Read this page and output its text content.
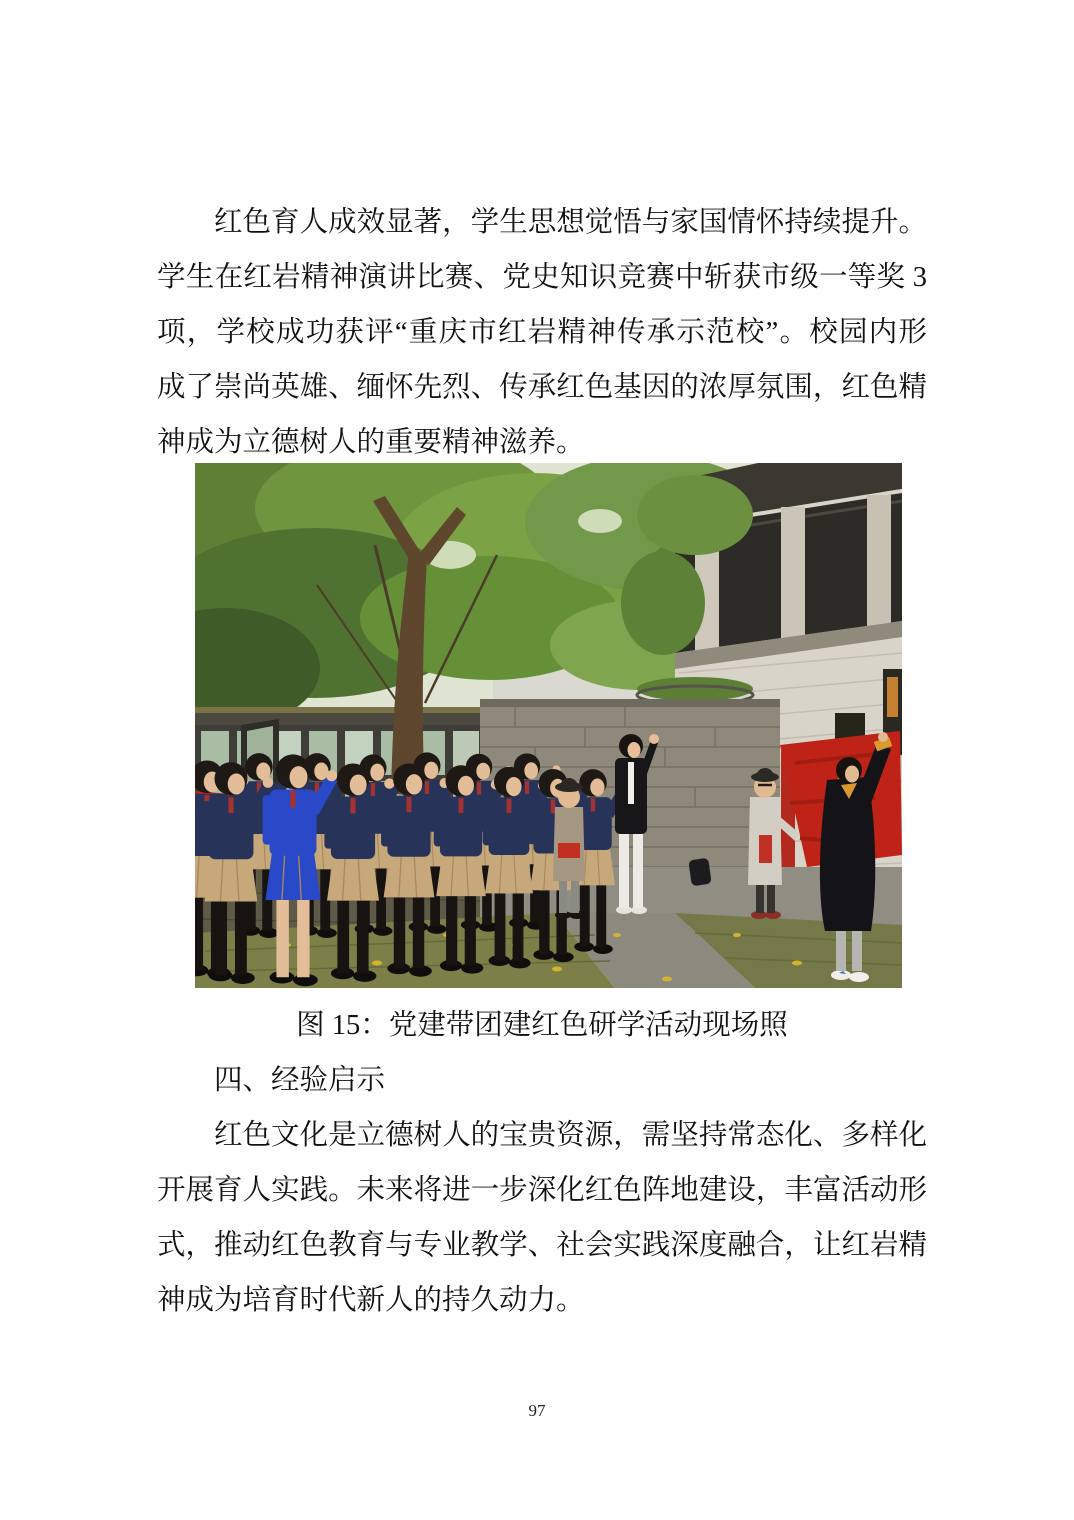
红色育人成效显著，学生思想觉悟与家国情怀持续提升。
学生在红岩精神演讲比赛、党史知识竞赛中斩获市级一等奖 3
项，学校成功获评“重庆市红岩精神传承示范校”。校园内形
成了崇尚英雄、缅怀先烈、传承红色基因的浓厚氛围，红色精
神成为立德树人的重要精神滋养。
图 15：党建带团建红色研学活动现场照
四、经验启示
红色文化是立德树人的宝贵资源，需坚持常态化、多样化
开展育人实践。未来将进一步深化红色阵地建设，丰富活动形
式，推动红色教育与专业教学、社会实践深度融合，让红岩精
神成为培育时代新人的持久动力。
97
